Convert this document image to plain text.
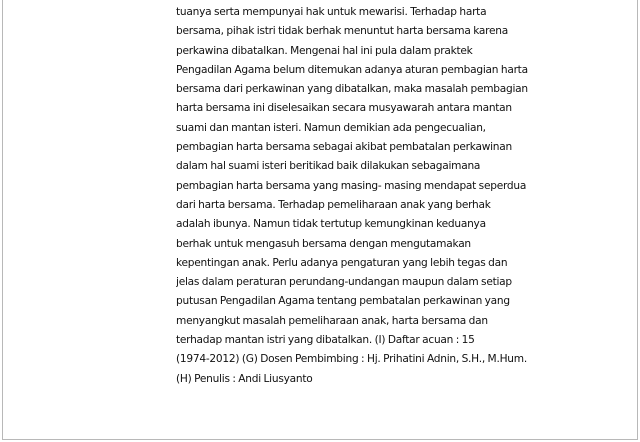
tuanya serta mempunyai hak untuk mewarisi. Terhadap harta
bersama, pihak istri tidak berhak menuntut harta bersama karena
perkawina dibatalkan. Mengenai hal ini pula dalam praktek
Pengadilan Agama belum ditemukan adanya aturan pembagian harta
bersama dari perkawinan yang dibatalkan, maka masalah pembagian
harta bersama ini diselesaikan secara musyawarah antara mantan
suami dan mantan isteri. Namun demikian ada pengecualian,
pembagian harta bersama sebagai akibat pembatalan perkawinan
dalam hal suami isteri beritikad baik dilakukan sebagaimana
pembagian harta bersama yang masing- masing mendapat seperdua
dari harta bersama. Terhadap pemeliharaan anak yang berhak
adalah ibunya. Namun tidak tertutup kemungkinan keduanya
berhak untuk mengasuh bersama dengan mengutamakan
kepentingan anak. Perlu adanya pengaturan yang lebih tegas dan
jelas dalam peraturan perundang-undangan maupun dalam setiap
putusan Pengadilan Agama tentang pembatalan perkawinan yang
menyangkut masalah pemeliharaan anak, harta bersama dan
terhadap mantan istri yang dibatalkan. (I) Daftar acuan : 15
(1974-2012) (G) Dosen Pembimbing : Hj. Prihatini Adnin, S.H., M.Hum.
(H) Penulis : Andi Liusyanto
